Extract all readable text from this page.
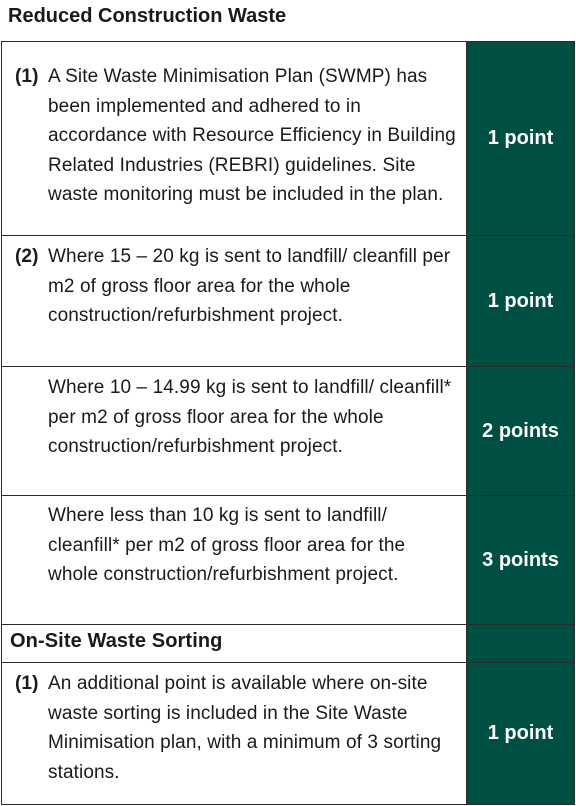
Reduced Construction Waste
(1) A Site Waste Minimisation Plan (SWMP) has been implemented and adhered to in accordance with Resource Efficiency in Building Related Industries (REBRI) guidelines. Site waste monitoring must be included in the plan.
1 point
(2) Where 15 – 20 kg is sent to landfill/ cleanfill per m2 of gross floor area for the whole construction/refurbishment project.
1 point
Where 10 – 14.99 kg is sent to landfill/ cleanfill* per m2 of gross floor area for the whole construction/refurbishment project.
2 points
Where less than 10 kg is sent to landfill/ cleanfill* per m2 of gross floor area for the whole construction/refurbishment project.
3 points
On-Site Waste Sorting
(1) An additional point is available where on-site waste sorting is included in the Site Waste Minimisation plan, with a minimum of 3 sorting stations.
1 point
